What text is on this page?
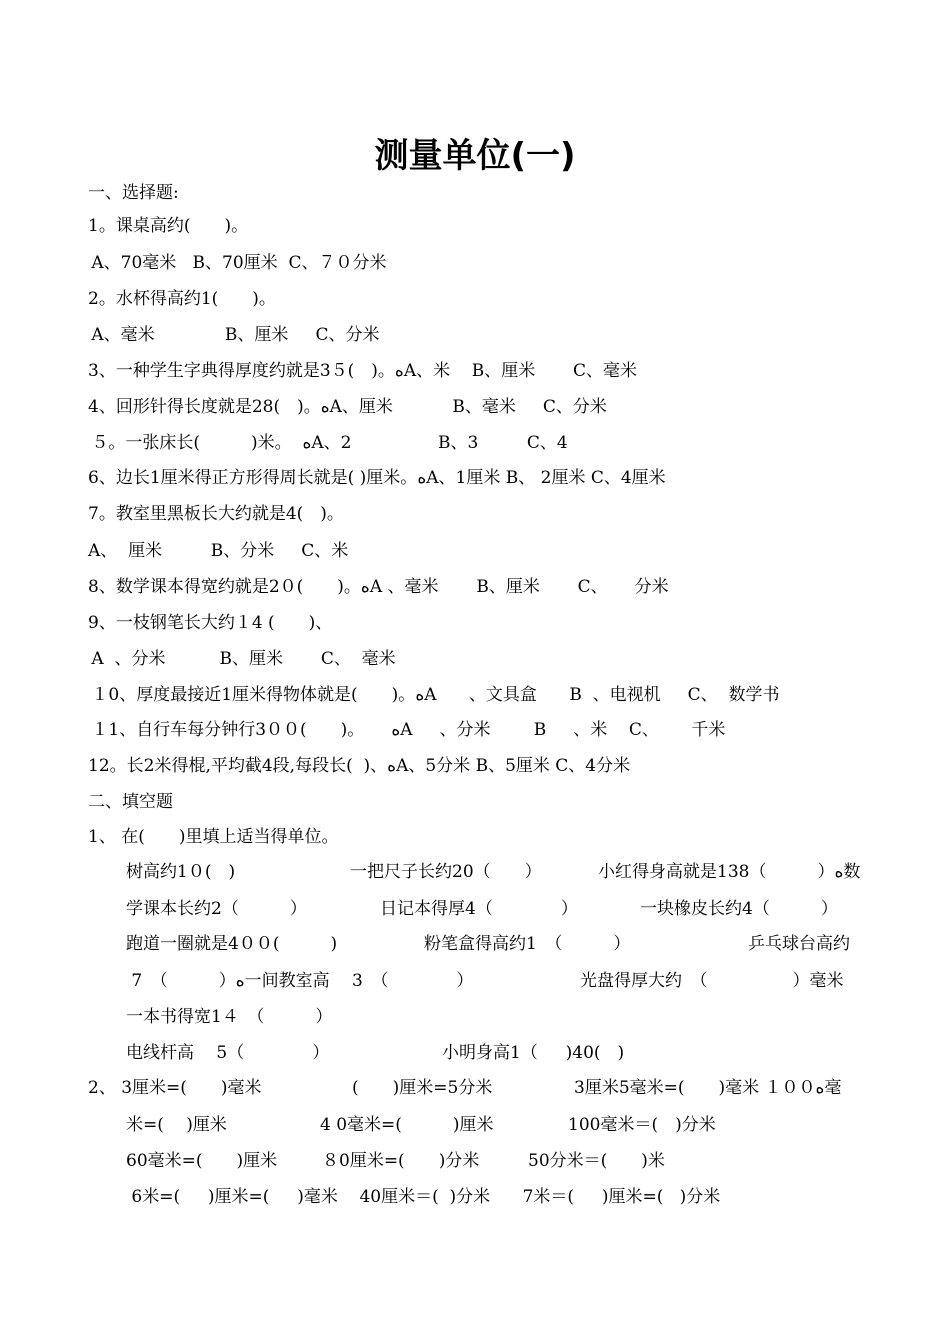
测量单位(一)
一、选择题:
1。课桌高约(　　)。
A、70毫米   B、70厘米  C、７０分米
2。水杯得高约1(　　)。
A、毫米             B、厘米     C、分米
3、一种学生字典得厚度约就是3５(　)。ﻩA、米    B、厘米       C、毫米
4、回形针得长度就是28(　)。ﻩA、厘米           B、毫米     C、分米
５。一张床长(　　　)米。  ﻩA、2                B、3         C、4
6、边长1厘米得正方形得周长就是( )厘米。ﻩA、1厘米 B、 2厘米 C、4厘米
7。教室里黑板长大约就是4(　)。
A、  厘米         B、分米     C、米
8、数学课本得宽约就是2０(　　)。ﻩA 、毫米       B、厘米       C、     分米
9、一枝钢笔长大约１4 (　　)、
A  、分米          B、厘米       C、  毫米
１0、厚度最接近1厘米得物体就是(　　)。ﻩA      、文具盒      B  、电视机     C、  数学书
１1、自行车每分钟行3００(　　)。     ﻩA     、分米        B     、米    C、      千米
12。长2米得棍,平均截4段,每段长(  )、ﻩA、5分米 B、5厘米 C、4分米
二、填空题
1、 在(　　)里填上适当得单位。
树高约1０(　)	一把尺子长约20（　　）	小红得身高就是138（　　　）ﻩ数
学课本长约2（　　　）	日记本得厚4（　　　　）	一块橡皮长约4（　　　）
跑道一圈就是4００(　　　)	粉笔盒得高约1　（　　　）	乒乓球台高约
7　（　　　）ﻩ一间教室高　 3　（　　　　）	光盘得厚大约　（　　　　　）毫米
一本书得宽1４　（　　　）
电线杆高　 5（　　　　）	小明身高1（　  )40(　)
2、 3厘米=(　　)毫米	(　　)厘米=5分米	3厘米5毫米=(　　)毫米 １００ﻩ毫
米=(　 )厘米	4 0毫米=(　　　)厘米	100毫米＝(　)分米
60毫米=(　　)厘米	８0厘米=(　　)分米	50分米＝(　　)米
6米=(　  )厘米=(　  )毫米    40厘米＝(  )分米      7米＝(  　)厘米=(   )分米
